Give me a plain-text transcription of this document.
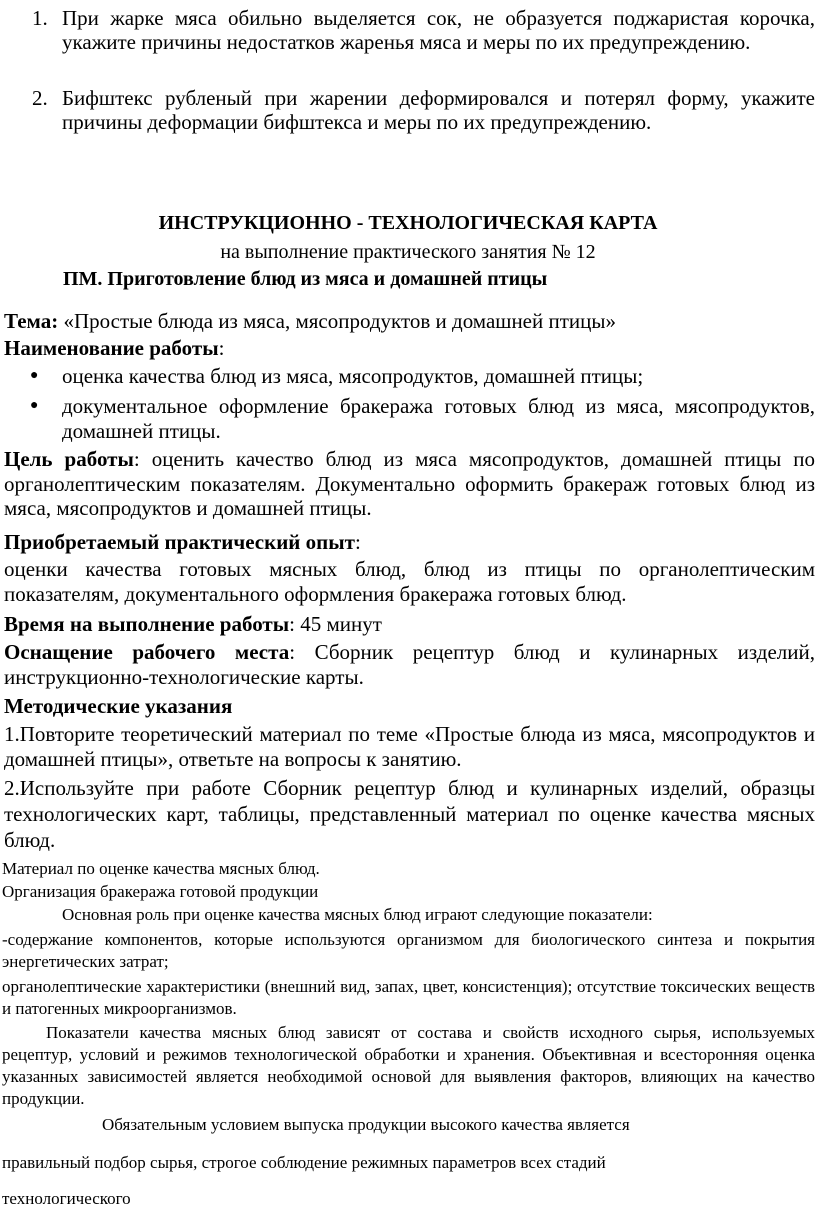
1. При жарке мяса обильно выделяется сок, не образуется поджаристая корочка, укажите причины недостатков жаренья мяса и меры по их предупреждению.
2. Бифштекс рубленый при жарении деформировался и потерял форму, укажите причины деформации бифштекса и меры по их предупреждению.
ИНСТРУКЦИОННО - ТЕХНОЛОГИЧЕСКАЯ КАРТА
на выполнение практического занятия № 12
ПМ. Приготовление блюд из мяса и домашней птицы
Тема: «Простые блюда из мяса, мясопродуктов и домашней птицы»
Наименование работы:
● оценка качества блюд из мяса, мясопродуктов, домашней птицы;
● документальное оформление бракеража готовых блюд из мяса, мясопродуктов, домашней птицы.
Цель работы: оценить качество блюд из мяса мясопродуктов, домашней птицы по органолептическим показателям. Документально оформить бракераж готовых блюд из мяса, мясопродуктов и домашней птицы.
Приобретаемый практический опыт:
оценки качества готовых мясных блюд, блюд из птицы по органолептическим показателям, документального оформления бракеража готовых блюд.
Время на выполнение работы: 45 минут
Оснащение рабочего места: Сборник рецептур блюд и кулинарных изделий, инструкционно-технологические карты.
Методические указания
1.Повторите теоретический материал по теме «Простые блюда из мяса, мясопродуктов и домашней птицы», ответьте на вопросы к занятию.
2.Используйте при работе Сборник рецептур блюд и кулинарных изделий, образцы технологических карт, таблицы, представленный материал по оценке качества мясных блюд.
Материал по оценке качества мясных блюд.
Организация бракеража готовой продукции
Основная роль при оценке качества мясных блюд играют следующие показатели:
-содержание компонентов, которые используются организмом для биологического синтеза и покрытия энергетических затрат;
органолептические характеристики (внешний вид, запах, цвет, консистенция); отсутствие токсических веществ и патогенных микроорганизмов.
Показатели качества мясных блюд зависят от состава и свойств исходного сырья, используемых рецептур, условий и режимов технологической обработки и хранения. Объективная и всесторонняя оценка указанных зависимостей является необходимой основой для выявления факторов, влияющих на качество продукции.
Обязательным условием выпуска продукции высокого качества является
правильный подбор сырья, строгое соблюдение режимных параметров всех стадий
технологического
